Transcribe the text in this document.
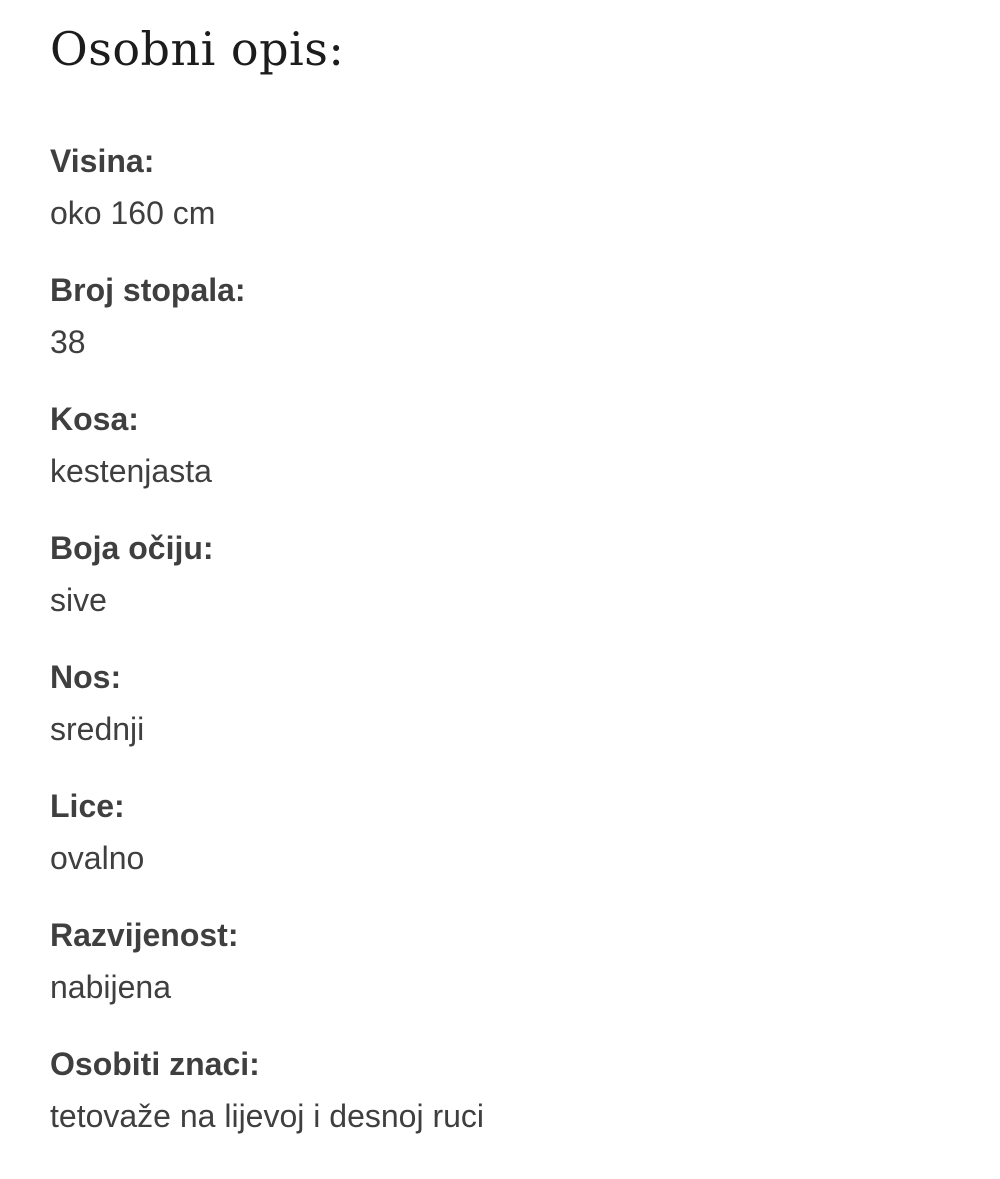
Osobni opis:
Visina:
oko 160 cm
Broj stopala:
38
Kosa:
kestenjasta
Boja očiju:
sive
Nos:
srednji
Lice:
ovalno
Razvijenost:
nabijena
Osobiti znaci:
tetovaže na lijevoj i desnoj ruci
